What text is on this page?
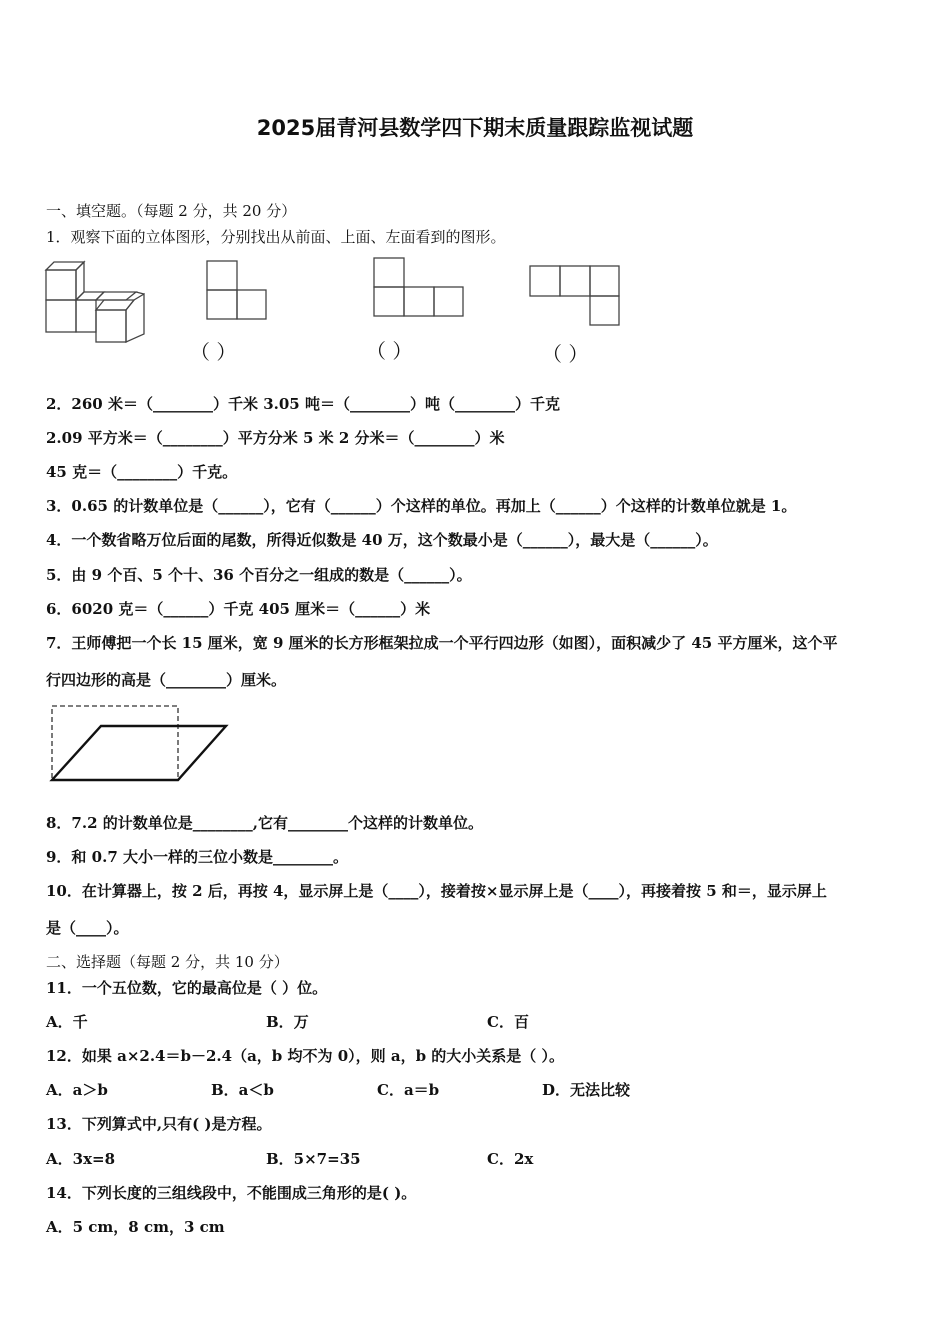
2025届青河县数学四下期末质量跟踪监视试题
一、填空题。（每题 2 分，共 20 分）
1．观察下面的立体图形，分别找出从前面、上面、左面看到的图形。
（ ）	（ ）	（ ）
2．260 米＝（________）千米 3.05 吨＝（________）吨（________）千克
2.09 平方米＝（________）平方分米 5 米 2 分米＝（________）米
45 克＝（________）千克。
3．0.65 的计数单位是（______），它有（______）个这样的单位。再加上（______）个这样的计数单位就是 1。
4．一个数省略万位后面的尾数，所得近似数是 40 万，这个数最小是（______），最大是（______）。
5．由 9 个百、5 个十、36 个百分之一组成的数是（______）。
6．6020 克＝（______）千克 405 厘米＝（______）米
7．王师傅把一个长 15 厘米，宽 9 厘米的长方形框架拉成一个平行四边形（如图），面积减少了 45 平方厘米，这个平
行四边形的高是（________）厘米。
8．7.2 的计数单位是________,它有________个这样的计数单位。
9．和 0.7 大小一样的三位小数是________。
10．在计算器上，按 2 后，再按 4，显示屏上是（____），接着按×显示屏上是（____），再接着按 5 和＝，显示屏上
是（____）。
二、选择题（每题 2 分，共 10 分）
11．一个五位数，它的最高位是（ ）位。
A．千	B．万	C．百
12．如果 a×2.4＝b－2.4（a，b 均不为 0），则 a，b 的大小关系是（ ）。
A．a＞b	B．a＜b	C．a＝b	D．无法比较
13．下列算式中,只有( )是方程。
A．3x=8	B．5×7=35	C．2x
14．下列长度的三组线段中，不能围成三角形的是( )。
A．5 cm，8 cm，3 cm
